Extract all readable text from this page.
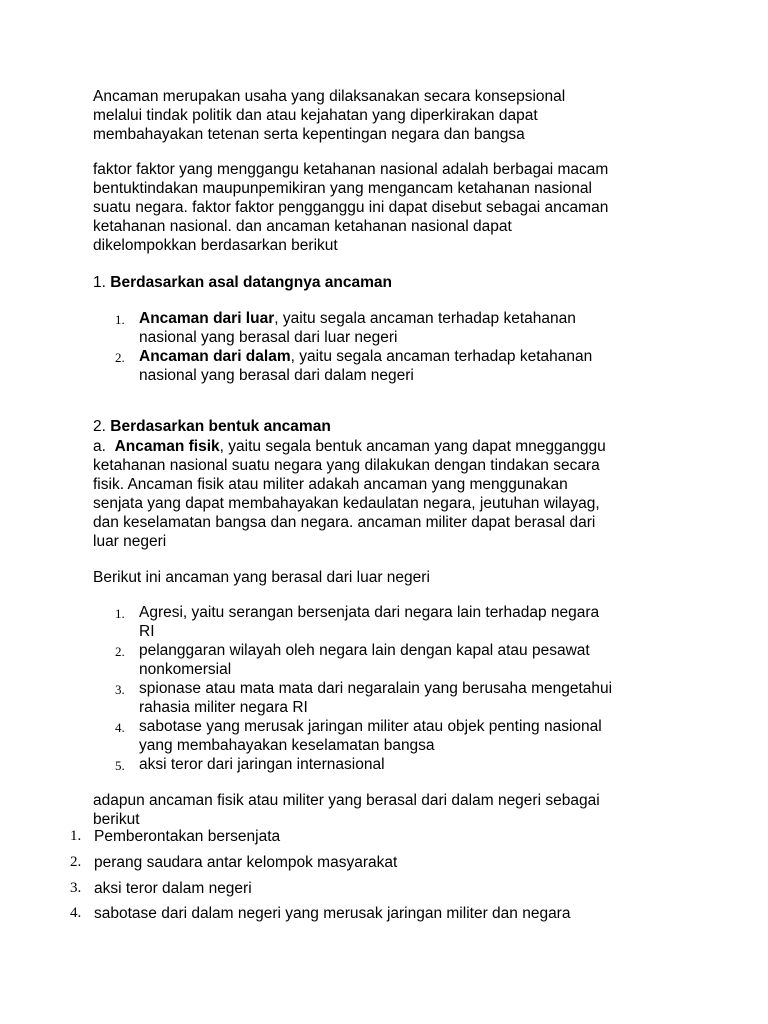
Ancaman merupakan usaha yang dilaksanakan secara konsepsional
melalui tindak politik dan atau kejahatan yang diperkirakan dapat
membahayakan tetenan serta kepentingan negara dan bangsa

faktor faktor yang menggangu ketahanan nasional adalah berbagai macam
bentuktindakan maupunpemikiran yang mengancam ketahanan nasional
suatu negara. faktor faktor pengganggu ini dapat disebut sebagai ancaman
ketahanan nasional. dan ancaman ketahanan nasional dapat
dikelompokkan berdasarkan berikut

1. Berdasarkan asal datangnya ancaman
1. Ancaman dari luar, yaitu segala ancaman terhadap ketahanan
nasional yang berasal dari luar negeri
2. Ancaman dari dalam, yaitu segala ancaman terhadap ketahanan
nasional yang berasal dari dalam negeri
2. Berdasarkan bentuk ancaman

a. Ancaman fisik, yaitu segala bentuk ancaman yang dapat mnegganggu
ketahanan nasional suatu negara yang dilakukan dengan tindakan secara
fisik. Ancaman fisik atau militer adakah ancaman yang menggunakan
senjata yang dapat membahayakan kedaulatan negara, jeutuhan wilayag,
dan keselamatan bangsa dan negara. ancaman militer dapat berasal dari
luar negeri

Berikut ini ancaman yang berasal dari luar negeri
1. Agresi, yaitu serangan bersenjata dari negara lain terhadap negara
RI
2. pelanggaran wilayah oleh negara lain dengan kapal atau pesawat
nonkomersial
3. spionase atau mata mata dari negaralain yang berusaha mengetahui
rahasia militer negara RI
4. sabotase yang merusak jaringan militer atau objek penting nasional
yang membahayakan keselamatan bangsa
5. aksi teror dari jaringan internasional

adapun ancaman fisik atau militer yang berasal dari dalam negeri sebagai
berikut

1. Pemberontakan bersenjata
2. perang saudara antar kelompok masyarakat
3. aksi teror dalam negeri
4. sabotase dari dalam negeri yang merusak jaringan militer dan negara
